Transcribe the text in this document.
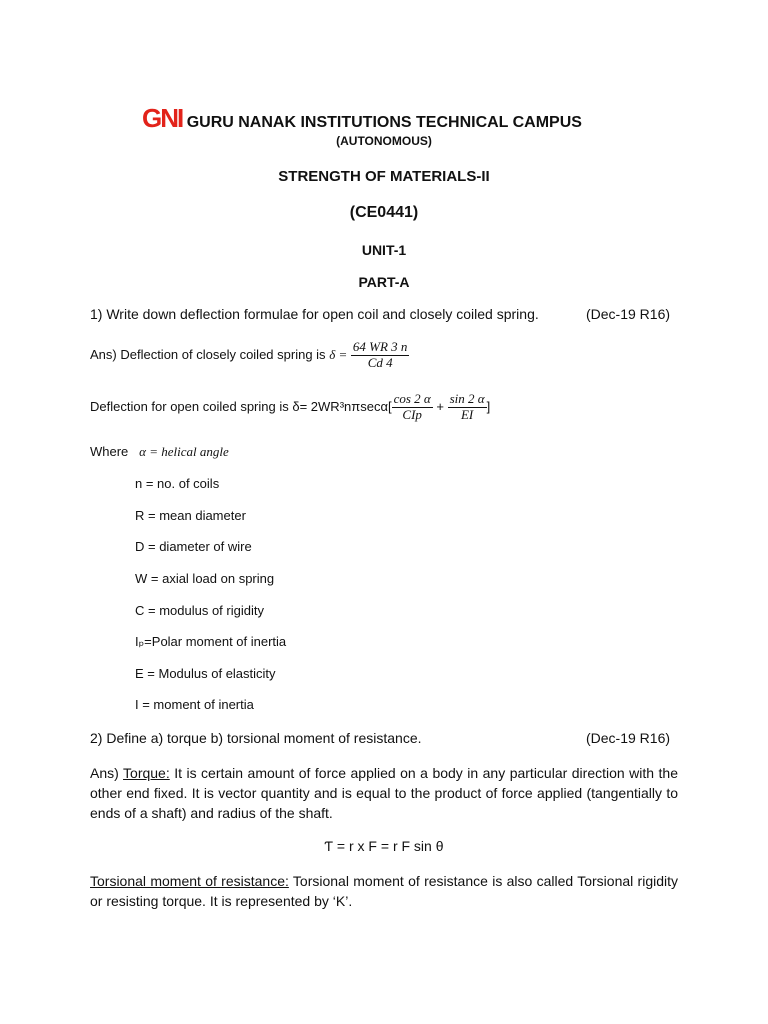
GNI GURU NANAK INSTITUTIONS TECHNICAL CAMPUS
(AUTONOMOUS)
STRENGTH OF MATERIALS-II
(CE0441)
UNIT-1
PART-A
1) Write down deflection formulae for open coil and closely coiled spring.	(Dec-19 R16)
Ans) Deflection of closely coiled spring is $\delta = \frac{64 WR 3 n}{Cd 4}$
Deflection for open coiled spring is $\delta= 2WR^3n\pi\sec\alpha[ \frac{\cos 2 \alpha}{\text{CIp}} + \frac{\sin 2 \alpha}{EI}$ ]
Where α = helical angle
n = no. of coils
R = mean diameter
D = diameter of wire
W = axial load on spring
C = modulus of rigidity
Iₚ=Polar moment of inertia
E = Modulus of elasticity
I = moment of inertia
2) Define a) torque b) torsional moment of resistance.	(Dec-19 R16)
Ans) Torque: It is certain amount of force applied on a body in any particular direction with the other end fixed. It is vector quantity and is equal to the product of force applied (tangentially to ends of a shaft) and radius of the shaft.
Ƭ = r x F = r F sin θ
Torsional moment of resistance: Torsional moment of resistance is also called Torsional rigidity or resisting torque. It is represented by ‘K’.
